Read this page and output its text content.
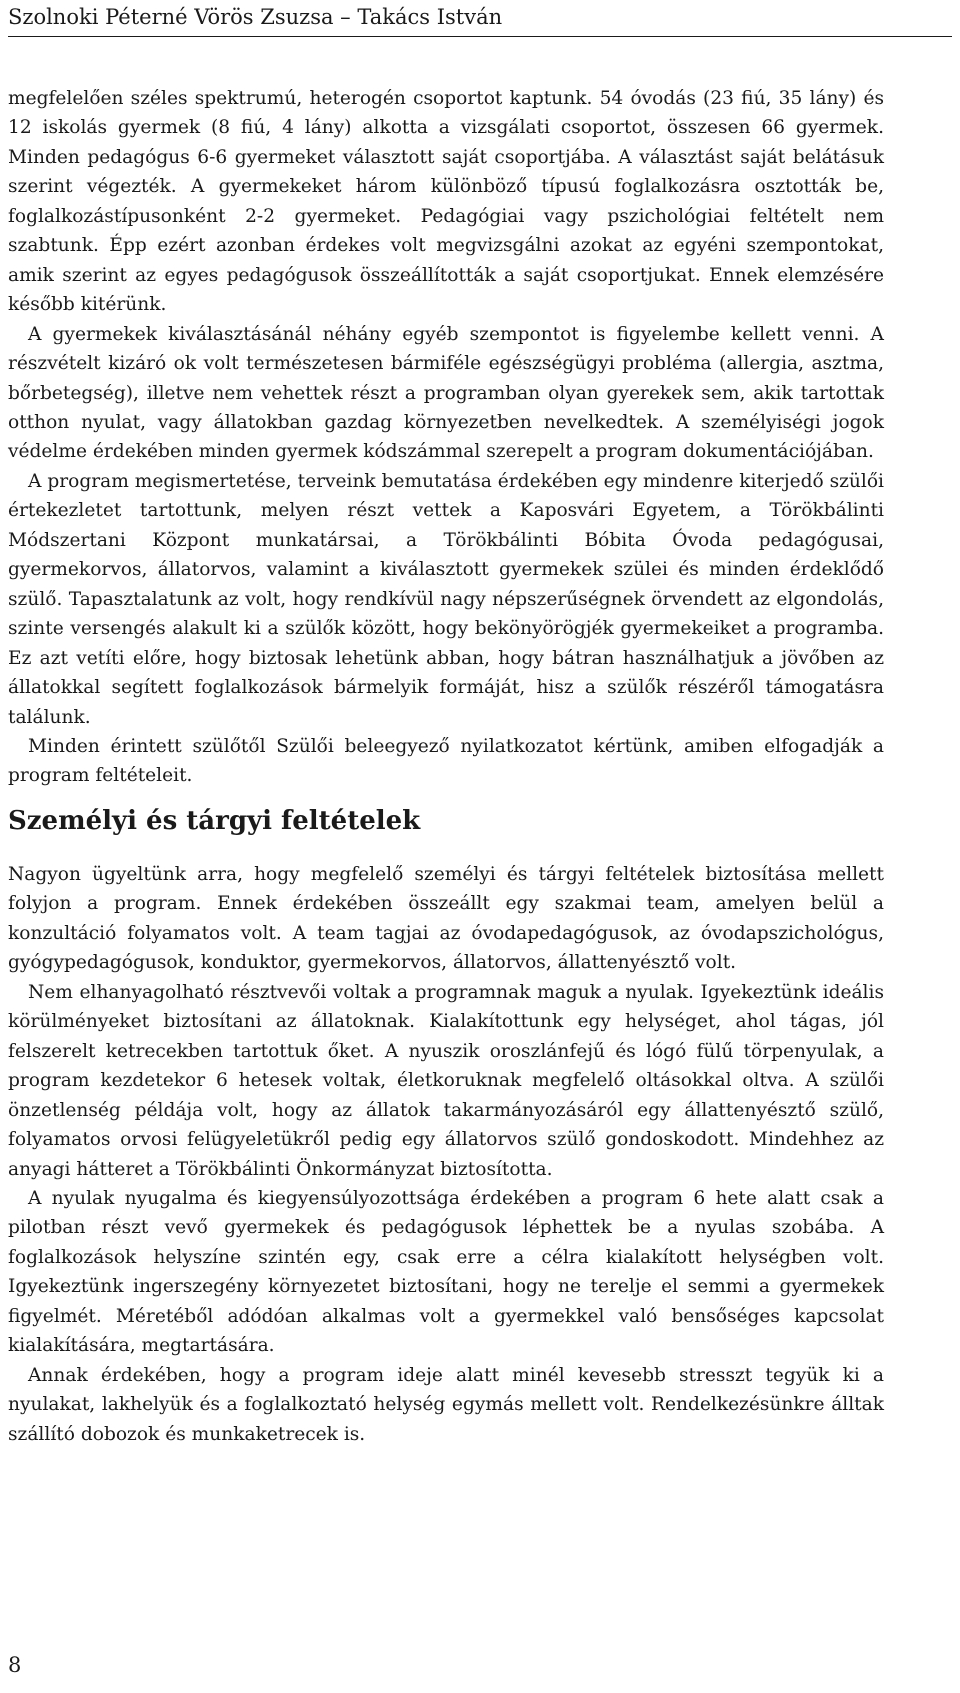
Szolnoki Péterné Vörös Zsuzsa – Takács István

megfelelően széles spektrumú, heterogén csoportot kaptunk. 54 óvodás (23 fiú, 35 lány) és 12 iskolás gyermek (8 fiú, 4 lány) alkotta a vizsgálati csoportot, összesen 66 gyermek. Minden pedagógus 6-6 gyermeket választott saját csoportjába. A választást saját belátásuk szerint végezték. A gyermekeket három különböző típusú foglalkozásra osztották be, foglalkozástípusonként 2-2 gyermeket. Pedagógiai vagy pszichológiai feltételt nem szabtunk. Épp ezért azonban érdekes volt megvizsgálni azokat az egyéni szempontokat, amik szerint az egyes pedagógusok összeállították a saját csoportjukat. Ennek elemzésére később kitérünk.

A gyermekek kiválasztásánál néhány egyéb szempontot is figyelembe kellett venni. A részvételt kizáró ok volt természetesen bármiféle egészségügyi probléma (allergia, asztma, bőrbetegség), illetve nem vehettek részt a programban olyan gyerekek sem, akik tartottak otthon nyulat, vagy állatokban gazdag környezetben nevelkedtek. A személyiségi jogok védelme érdekében minden gyermek kódszámmal szerepelt a program dokumentációjában.

A program megismertetése, terveink bemutatása érdekében egy mindenre kiterjedő szülői értekezletet tartottunk, melyen részt vettek a Kaposvári Egyetem, a Törökbálinti Módszertani Központ munkatársai, a Törökbálinti Bóbita Óvoda pedagógusai, gyermekorvos, állatorvos, valamint a kiválasztott gyermekek szülei és minden érdeklődő szülő. Tapasztalatunk az volt, hogy rendkívül nagy népszerűségnek örvendett az elgondolás, szinte versengés alakult ki a szülők között, hogy bekönyörögjék gyermekeiket a programba. Ez azt vetíti előre, hogy biztosak lehetünk abban, hogy bátran használhatjuk a jövőben az állatokkal segített foglalkozások bármelyik formáját, hisz a szülők részéről támogatásra találunk.

Minden érintett szülőtől Szülői beleegyező nyilatkozatot kértünk, amiben elfogadják a program feltételeit.

Személyi és tárgyi feltételek

Nagyon ügyeltünk arra, hogy megfelelő személyi és tárgyi feltételek biztosítása mellett folyjon a program. Ennek érdekében összeállt egy szakmai team, amelyen belül a konzultáció folyamatos volt. A team tagjai az óvodapedagógusok, az óvodapszichológus, gyógypedagógusok, konduktor, gyermekorvos, állatorvos, állattenyésztő volt.

Nem elhanyagolható résztvevői voltak a programnak maguk a nyulak. Igyekeztünk ideális körülményeket biztosítani az állatoknak. Kialakítottunk egy helységet, ahol tágas, jól felszerelt ketrecekben tartottuk őket. A nyuszik oroszlánfejű és lógó fülű törpenyulak, a program kezdetekor 6 hetesek voltak, életkoruknak megfelelő oltásokkal oltva. A szülői önzetlenség példája volt, hogy az állatok takarmányozásáról egy állattenyésztő szülő, folyamatos orvosi felügyeletükről pedig egy állatorvos szülő gondoskodott. Mindehhez az anyagi hátteret a Törökbálinti Önkormányzat biztosította.

A nyulak nyugalma és kiegyensúlyozottsága érdekében a program 6 hete alatt csak a pilotban részt vevő gyermekek és pedagógusok léphettek be a nyulas szobába. A foglalkozások helyszíne szintén egy, csak erre a célra kialakított helységben volt. Igyekeztünk ingerszegény környezetet biztosítani, hogy ne terelje el semmi a gyermekek figyelmét. Méretéből adódóan alkalmas volt a gyermekkel való bensőséges kapcsolat kialakítására, megtartására.

Annak érdekében, hogy a program ideje alatt minél kevesebb stresszt tegyük ki a nyulakat, lakhelyük és a foglalkoztató helység egymás mellett volt. Rendelkezésünkre álltak szállító dobozok és munkaketrecek is.

8
